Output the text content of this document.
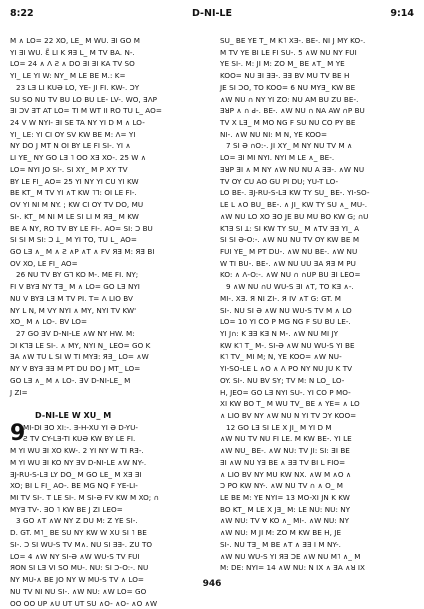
8:22	D-NI-LE	9:14
M ∧ LO= 22 XO, LE_ M WU. ƎI GO M
YI ƎI WU. Ɛ̃ LI K ЯƎ L_ M TV BA. N-.
LO= 24 ∧ Λ Ƨ ∧ DO ƎI ƎI KA TV SO
YI_ LE YI W: NY_ M LE BE M.: K=
23 LƎ LI KUƏ LO, YE- JI FI. KW-. ƆY
SU SO NU TV BU LO BU LE- LV-. WO, ƎɅP
ƎI ƆV ƎT AT LO= TI M WT II RO TU L_ AO=
24 V W NYI- ƎI SE TA NY YI D M ∧ LO-
YI_ LE: YI CI OY SV KW BE M: Λ= YI
NY DO J MT N OI BY LE FI SI-. YI ∧
LI YE_ NY GO LƎ ˥ OO XƎ XO-. 25 W ∧
LO= NYI JO SI-. SI XY_ M P XY TV
BY LE FI_ AO= 25 YI NY YI CU YI KW
BE KT_ M TV YI ∧T KW ˥ꓶ: OI LE FI-.
OV YI NI M NY. ; KW CI OY TV DO, MU
SI-. KT_ M NI M LE SI LI M ЯƎ_ M KW
BE A NY, RO TV BY LE FI-. AO= SI: Ɔ BU
SI SI M SI: Ɔ Ʇ_ M YI TO, TU L_ AO=
GO LƎ ∧_ M ∧ Ƨ ∧P ∧T ∧ FV ЯƎ M: ЯƎ BI
OV XO, LE FI_ AO=
26 NU TV BY Gꓶ KO M-. ME FI. NY;
FI V BYƎ NY TƎ_ M ∧ LO= GO LƎ NYI
NU V BYƎ LƎ M TV PI. T= Ʌ LIO BV
NY L N, M VY NYI ∧ MY, NYI TV KW'
XO_ M ∧ LO-. BV LO=
27 GO ƎV D-NI-LE ∧W NY HW. M:
ƆI KꓶƎ LE SI-. ∧ MY, NYI N_ LEO= GO K
ƎA ∧W TU L SI W TI MYƎ: ЯƎ_ LO= ∧W
NY V BYƎ ƎƎ M PT DU DO J MT_ LO=
GO LƎ ∧_ M ∧ LO-. ƎV D-NI-LE_ M
J ZI=
D-NI-LE W XU_ M
9
MI-DI ƎO XI:-. Ǝ-H-XU YI Ə D-YU-
Ƨ TV CY-LƎ-TI KUƏ KW BY LE FI.
M YI WU ƎI XO KW-. 2 YI NY W TI RƎ-.
M YI WU ƎI KO NY ƎV D-NI-LE ∧W NY-.
ƎJ-RU-S-LƎ LY DO_ M GO LE_ M XƎ ƎI
XO; BI L FI_ AO-. BE MG NQ F YE-LI-
MI TV SI-. T LE SI-. M SI-Ə FV KW M XO; ∩
MYƎ TV-. ƎO ˥ KW BE J ZI LEO=
3 GO ∧T ∧W NY Z DU M: Z YE SI-.
D. GT. M˥_ BE SU NY KW W XU SI ˥ BE
SI-. Ɔ SI WU-S TV M∧. NU SI ƎƎ-. ZU TO
LO= 4 ∧W NY SI-Ə ∧W WU-S TV FUI
ЯON SI LƎ VI SO MU-. NU: SI Ɔ-O:-. NU
NY MU-∧ BE JO NY W MU-S TV ∧ LO=
NU TV NI NU SI-. ∧W NU: ∧W LO= GO
OO OO UP ∧U UT UT SU ∧O- ∧O- ∧O ∧W
SU_ BE YE T_ M K˥ XƎ-. BE-. NI J MY KO-.
M TV YE BI LE FI SU-. 5 ∧W NU NY FUI
YE SI-. M: JI M: ZO M_ BE ∧T_ M YE
KOO= NU ƎI ƎƎ-. ƎƎ BV MU TV BE H
JE SI ƆO, TO KOO= 6 NU MYƎ_ KW BE
∧W NU ∩ NY YI ZO: NU AM BU ZU BE-.
ƎꓤP ∧ ∩ ꓒ-. BE-. ∧W NU ∩ NA AW ∩P BU
TV X LƎ_ M MO NG F SU NU CO PY BE
NI-. ∧W NU NI: M N, YE KOO=
7 SI Ə ∩O:-. JI XY_ M NY NU TV M ∧
LO= ƎI MI NYI. NYI M LE ∧_ BE-.
ƎꓤP ƎI ∧ M NY ∧W NU NU A ƎƎ-. ∧W NU
TV OY CU AO GU PI DU; YU-T LO-
LO BE-. ƎJ-RU-S-LƎ KW TY SU_ BE-. YI-SO-
LE L ∧O BU_ BE-. ∧ JI_ KW TY SU ∧_ MU-.
∧W NU LO XO ƎO JE BU MU BO KW G; ∩U
KꓶƎ SI ꓕ: SI KW TY SU_ M ∧TV ƎƎ YI_ A
SI SI Ə-O:-. ∧W NU NU TV OY KW BE M
FUI YE_ M PT DU-. ∧W NU BE-. ∧W NU
W TI BU-. BE-. ∧W NU UU ƎA ЯƎ M PU
KO: ∧ Ʌ-O:-. ∧W NU ∩ ∩UP BU ƎI LEO=
9 ∧W NU ∩U WU-S ƎI ∧T, TO KƎ ∧-.
MI-. XƎ. Я NI ZI-. Я IV ∧T G: GT. M
SI-. NU SI Ə ∧W NU WU-S TV M ∧ LO
LO= 10 YI CO P MG NG F SU BU LE-.
YI J∩: K ƎƎ KƎ N M-. ∧W NU MI JY
KW K˥ T_ M-. SI-Ə ∧W NU WU-S YI BE
K˥ TV_ MI M; N, YE KOO= ∧W NU-
YI-SO-LE L ∧O ∧ Ʌ PO NY NU JU K TV
OY. SI-. NU BV SY; TV M: N LO_ LO-
H, JEO= GO LƎ NYI SU-. YI CO P MO-
XI KW BO T_ M WU TV_ BE ∧ YE= ∧ LO
∧ LIO BV NY ∧W NU N YI TV ƆY KOO=
12 GO LƎ SI LE X JI_ M YI D M
∧W NU TV NU FI LE. M KW BE-. YI LE
∧W NU_ BE-. ∧W NU: TV JI: SI: ƎI BE
ƎI ∧W NU YƎ BE ∧ ƎƎ TV BI L FIO=
∧ LIO BV NY MU KW NX. ∧W M ∧O ∧
Ɔ PO KW NY-. ∧W NU TV ∩ ∧ O_ M
LE BE M: YE NYI= 13 MO-XI JN K KW
BO KT_ M LE X JƎ_ M: LE NU: NU: NY
∧W NU: TV Ɐ KO ∧_ MI-. ∧W NU: NY
∧W NU: M JI M: ZO M KW BE H, JE
SI-. NU TƎ_ M BE ∧T ∧ ƎƎ I M NY-.
∧W NU WU-S YI ЯƎ ƆE ∧W NU M˥ ∧_ M
M: DE: NYI= 14 ∧W NU: N IX ∧ ƎA ∧ꓤ IX
946
